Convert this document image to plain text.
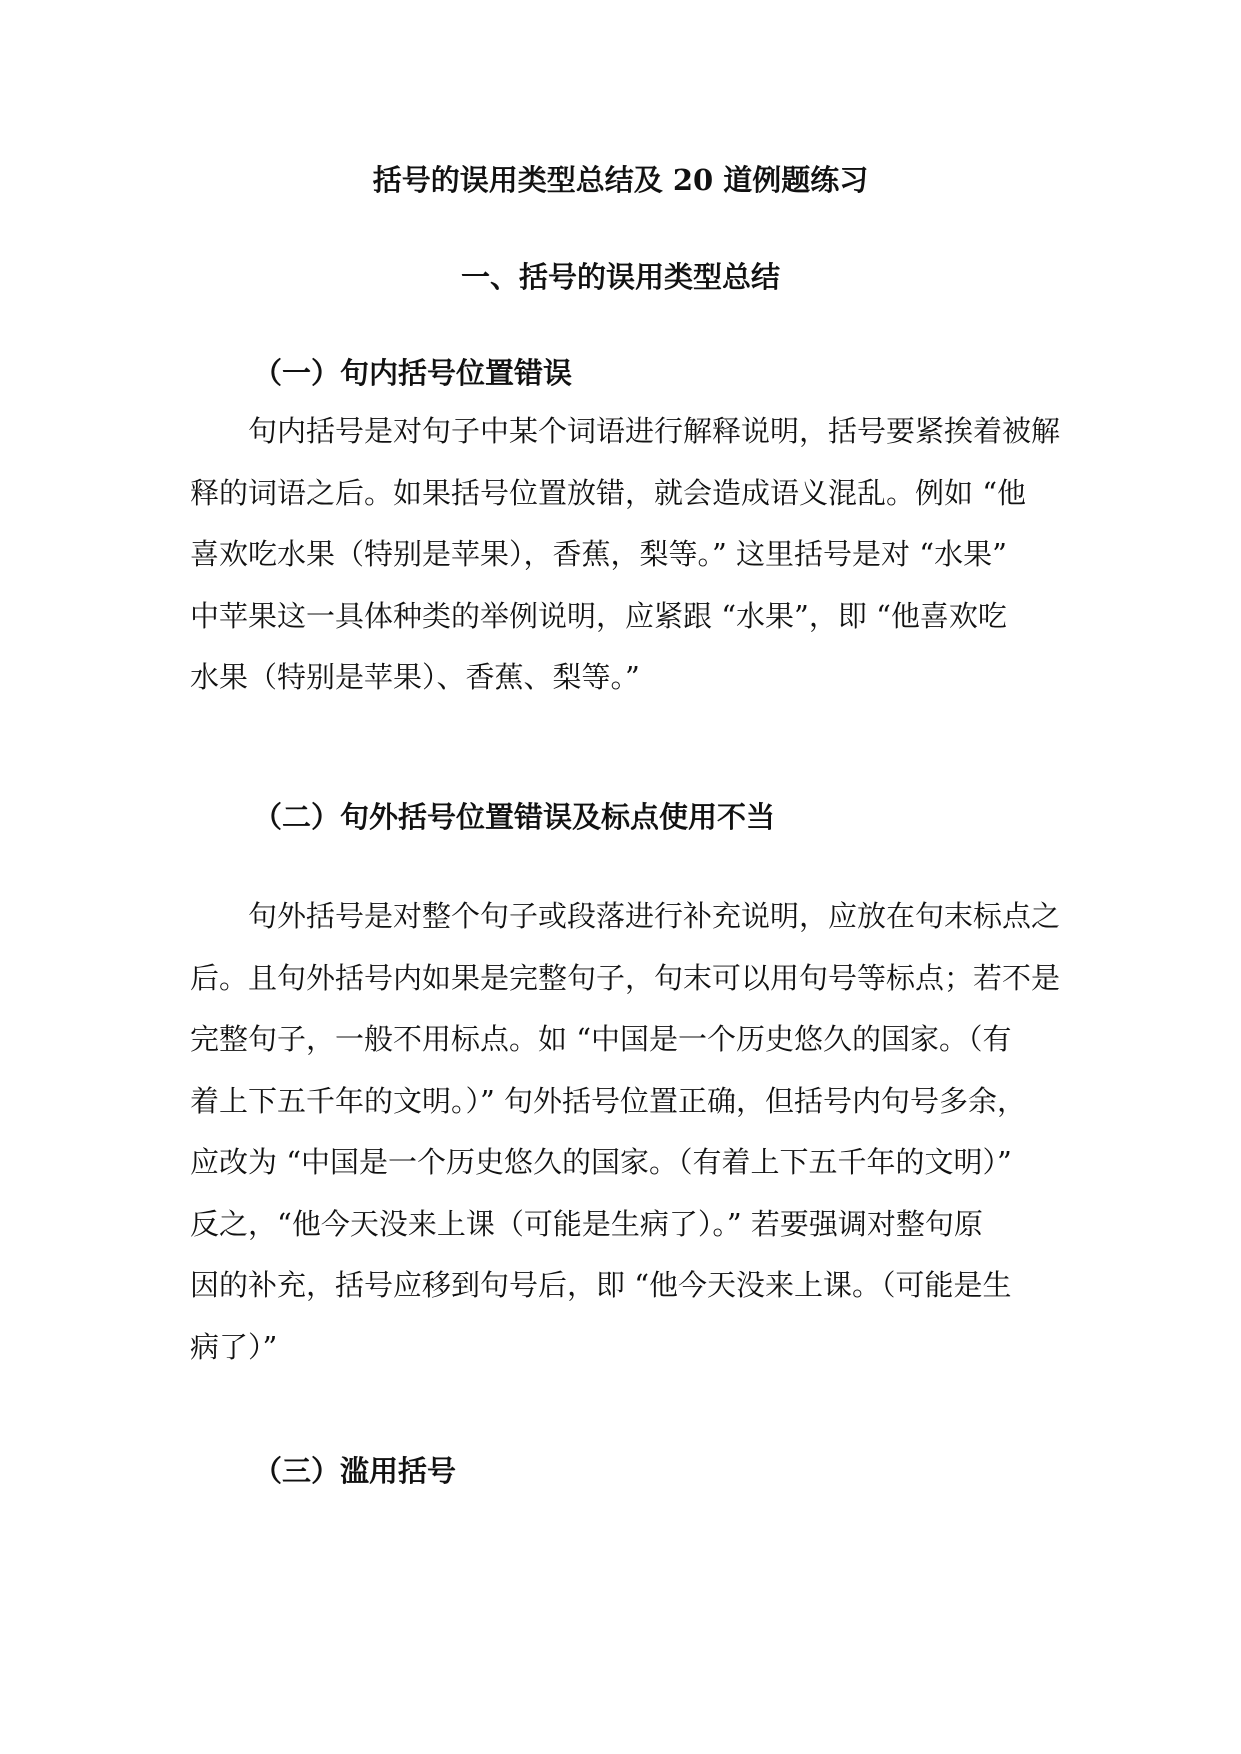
括号的误用类型总结及 20 道例题练习
一、括号的误用类型总结
（一）句内括号位置错误
句内括号是对句子中某个词语进行解释说明，括号要紧挨着被解
释的词语之后。如果括号位置放错，就会造成语义混乱。例如 “他
喜欢吃水果（特别是苹果），香蕉，梨等。” 这里括号是对 “水果”
中苹果这一具体种类的举例说明，应紧跟 “水果”，即 “他喜欢吃
水果（特别是苹果）、香蕉、梨等。”
（二）句外括号位置错误及标点使用不当
句外括号是对整个句子或段落进行补充说明，应放在句末标点之
后。且句外括号内如果是完整句子，句末可以用句号等标点；若不是
完整句子，一般不用标点。如 “中国是一个历史悠久的国家。（有
着上下五千年的文明。）” 句外括号位置正确，但括号内句号多余，
应改为 “中国是一个历史悠久的国家。（有着上下五千年的文明）”
反之，“他今天没来上课（可能是生病了）。” 若要强调对整句原
因的补充，括号应移到句号后，即 “他今天没来上课。（可能是生
病了）”
（三）滥用括号
